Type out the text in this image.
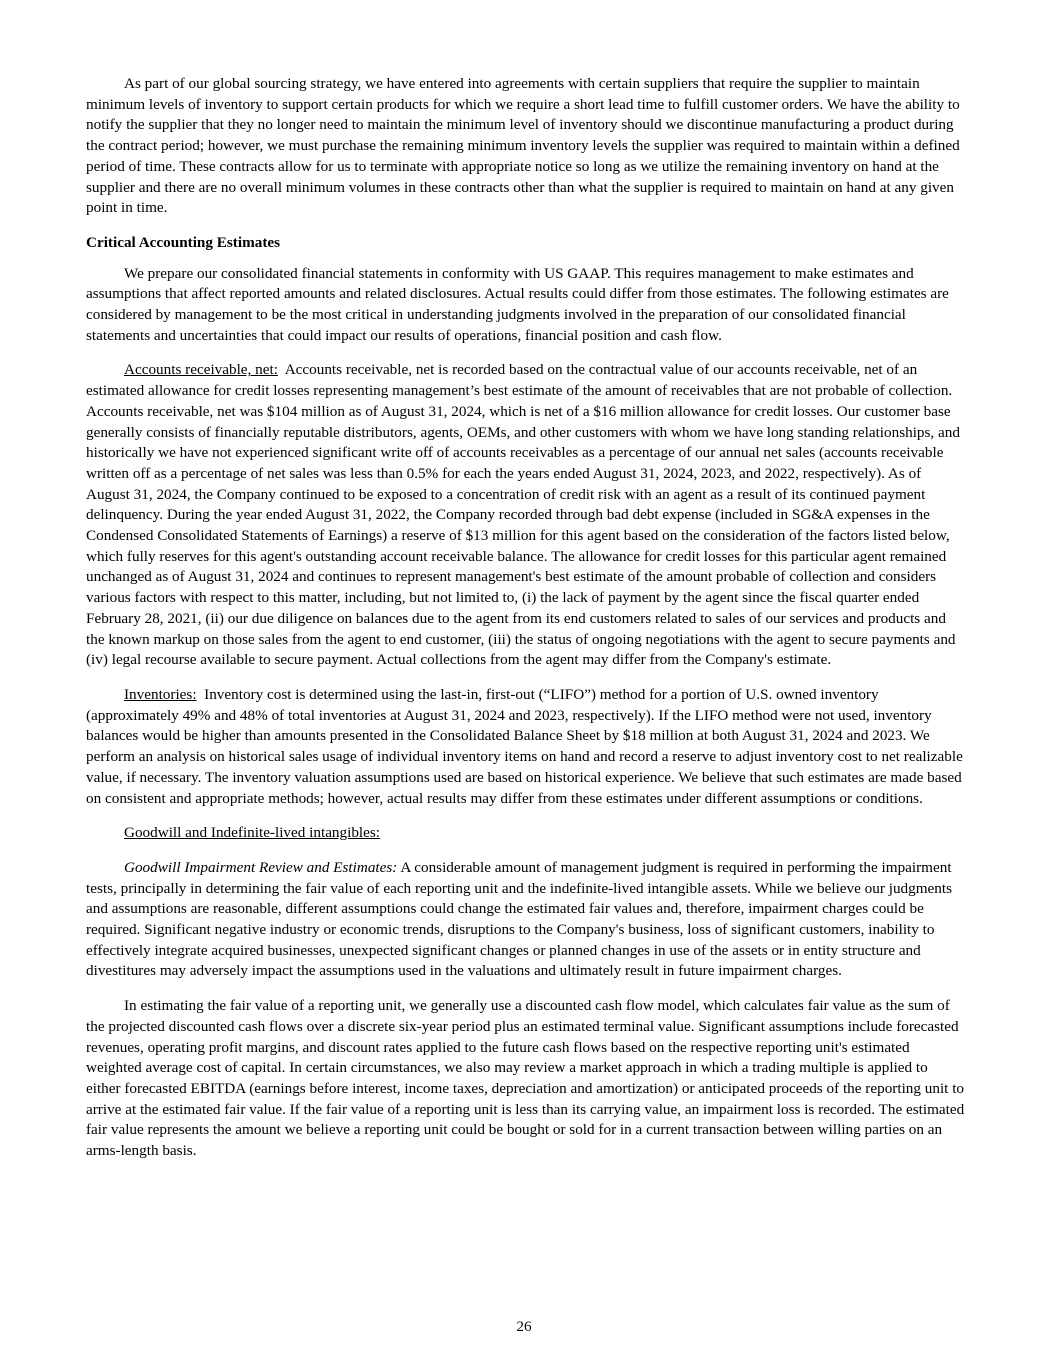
As part of our global sourcing strategy, we have entered into agreements with certain suppliers that require the supplier to maintain minimum levels of inventory to support certain products for which we require a short lead time to fulfill customer orders. We have the ability to notify the supplier that they no longer need to maintain the minimum level of inventory should we discontinue manufacturing a product during the contract period; however, we must purchase the remaining minimum inventory levels the supplier was required to maintain within a defined period of time. These contracts allow for us to terminate with appropriate notice so long as we utilize the remaining inventory on hand at the supplier and there are no overall minimum volumes in these contracts other than what the supplier is required to maintain on hand at any given point in time.

Critical Accounting Estimates

We prepare our consolidated financial statements in conformity with US GAAP. This requires management to make estimates and assumptions that affect reported amounts and related disclosures. Actual results could differ from those estimates. The following estimates are considered by management to be the most critical in understanding judgments involved in the preparation of our consolidated financial statements and uncertainties that could impact our results of operations, financial position and cash flow.

Accounts receivable, net: Accounts receivable, net is recorded based on the contractual value of our accounts receivable, net of an estimated allowance for credit losses representing management’s best estimate of the amount of receivables that are not probable of collection. Accounts receivable, net was $104 million as of August 31, 2024, which is net of a $16 million allowance for credit losses. Our customer base generally consists of financially reputable distributors, agents, OEMs, and other customers with whom we have long standing relationships, and historically we have not experienced significant write off of accounts receivables as a percentage of our annual net sales (accounts receivable written off as a percentage of net sales was less than 0.5% for each the years ended August 31, 2024, 2023, and 2022, respectively). As of August 31, 2024, the Company continued to be exposed to a concentration of credit risk with an agent as a result of its continued payment delinquency. During the year ended August 31, 2022, the Company recorded through bad debt expense (included in SG&A expenses in the Condensed Consolidated Statements of Earnings) a reserve of $13 million for this agent based on the consideration of the factors listed below, which fully reserves for this agent's outstanding account receivable balance. The allowance for credit losses for this particular agent remained unchanged as of August 31, 2024 and continues to represent management's best estimate of the amount probable of collection and considers various factors with respect to this matter, including, but not limited to, (i) the lack of payment by the agent since the fiscal quarter ended February 28, 2021, (ii) our due diligence on balances due to the agent from its end customers related to sales of our services and products and the known markup on those sales from the agent to end customer, (iii) the status of ongoing negotiations with the agent to secure payments and (iv) legal recourse available to secure payment. Actual collections from the agent may differ from the Company's estimate.

Inventories: Inventory cost is determined using the last-in, first-out (“LIFO”) method for a portion of U.S. owned inventory (approximately 49% and 48% of total inventories at August 31, 2024 and 2023, respectively). If the LIFO method were not used, inventory balances would be higher than amounts presented in the Consolidated Balance Sheet by $18 million at both August 31, 2024 and 2023. We perform an analysis on historical sales usage of individual inventory items on hand and record a reserve to adjust inventory cost to net realizable value, if necessary. The inventory valuation assumptions used are based on historical experience. We believe that such estimates are made based on consistent and appropriate methods; however, actual results may differ from these estimates under different assumptions or conditions.

Goodwill and Indefinite-lived intangibles:

Goodwill Impairment Review and Estimates: A considerable amount of management judgment is required in performing the impairment tests, principally in determining the fair value of each reporting unit and the indefinite-lived intangible assets. While we believe our judgments and assumptions are reasonable, different assumptions could change the estimated fair values and, therefore, impairment charges could be required. Significant negative industry or economic trends, disruptions to the Company's business, loss of significant customers, inability to effectively integrate acquired businesses, unexpected significant changes or planned changes in use of the assets or in entity structure and divestitures may adversely impact the assumptions used in the valuations and ultimately result in future impairment charges.

In estimating the fair value of a reporting unit, we generally use a discounted cash flow model, which calculates fair value as the sum of the projected discounted cash flows over a discrete six-year period plus an estimated terminal value. Significant assumptions include forecasted revenues, operating profit margins, and discount rates applied to the future cash flows based on the respective reporting unit's estimated weighted average cost of capital. In certain circumstances, we also may review a market approach in which a trading multiple is applied to either forecasted EBITDA (earnings before interest, income taxes, depreciation and amortization) or anticipated proceeds of the reporting unit to arrive at the estimated fair value. If the fair value of a reporting unit is less than its carrying value, an impairment loss is recorded. The estimated fair value represents the amount we believe a reporting unit could be bought or sold for in a current transaction between willing parties on an arms-length basis.

26
